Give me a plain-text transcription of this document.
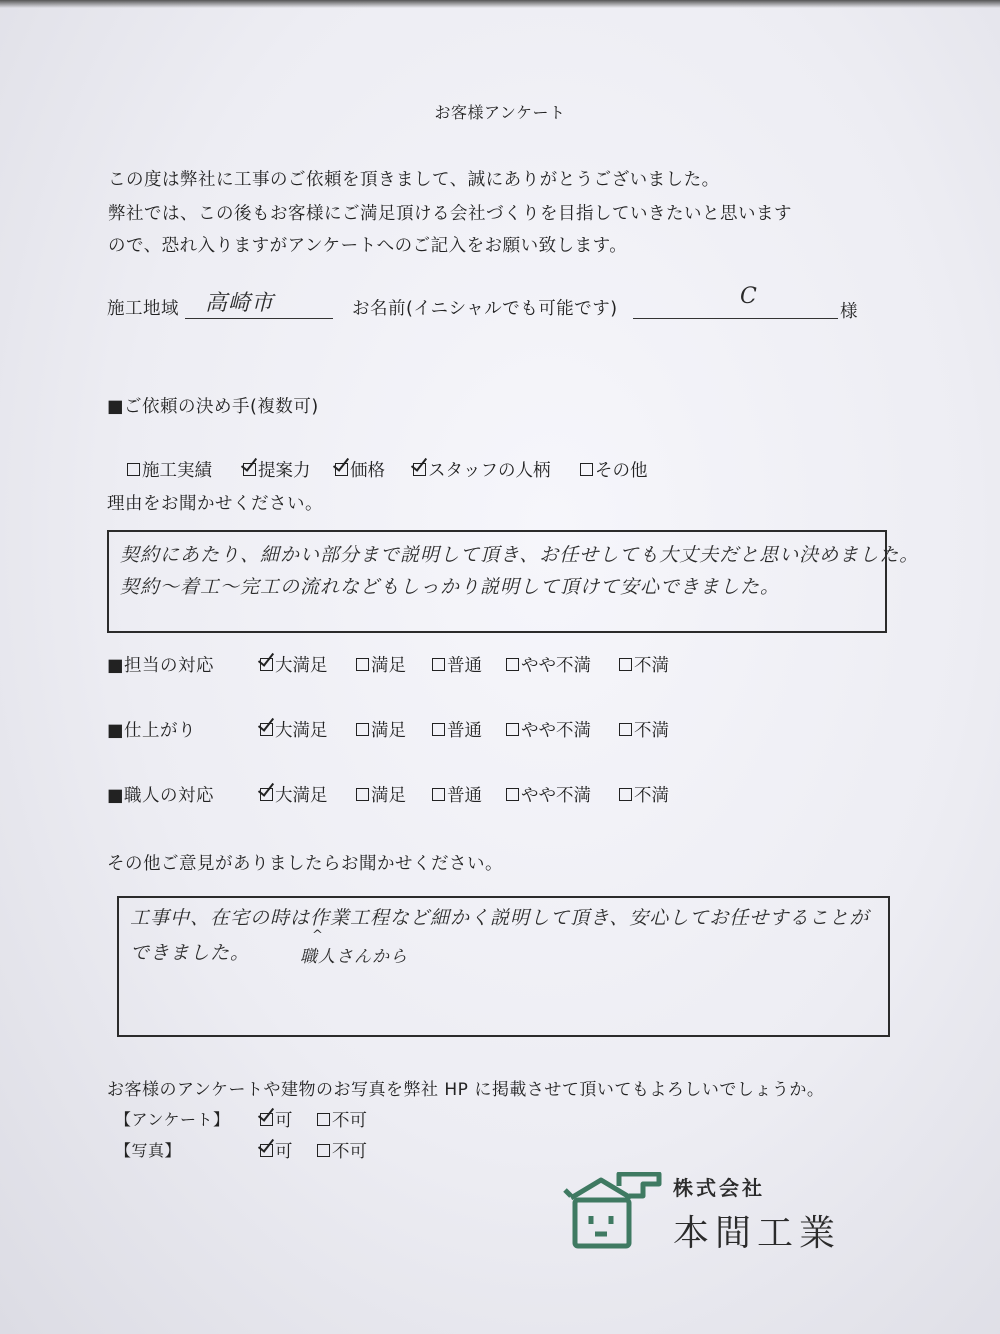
お客様アンケート
この度は弊社に工事のご依頼を頂きまして、誠にありがとうございました。
弊社では、この後もお客様にご満足頂ける会社づくりを目指していきたいと思います
ので、恐れ入りますがアンケートへのご記入をお願い致します。
施工地域 高崎市	お名前(イニシャルでも可能です)	C
様
■ご依頼の決め手(複数可)
施工実績	提案力 価格 スタッフの人柄	その他
理由をお聞かせください。
契約にあたり、細かい部分まで説明して頂き、お任せしても大丈夫だと思い決めました。
契約～着工～完工の流れなどもしっかり説明して頂けて安心できました。
■担当の対応	大満足 満足 普通 やや不満 不満
■仕上がり	大満足 満足 普通 やや不満 不満
■職人の対応	大満足 満足 普通 やや不満 不満
その他ご意見がありましたらお聞かせください。
工事中、在宅の時は作業工程など細かく説明して頂き、安心してお任せすることが
できました。
^
職人さんから
お客様のアンケートや建物のお写真を弊社 HP に掲載させて頂いてもよろしいでしょうか。
【アンケート】	可 不可
【写真】	可 不可
株式会社
本間工業
